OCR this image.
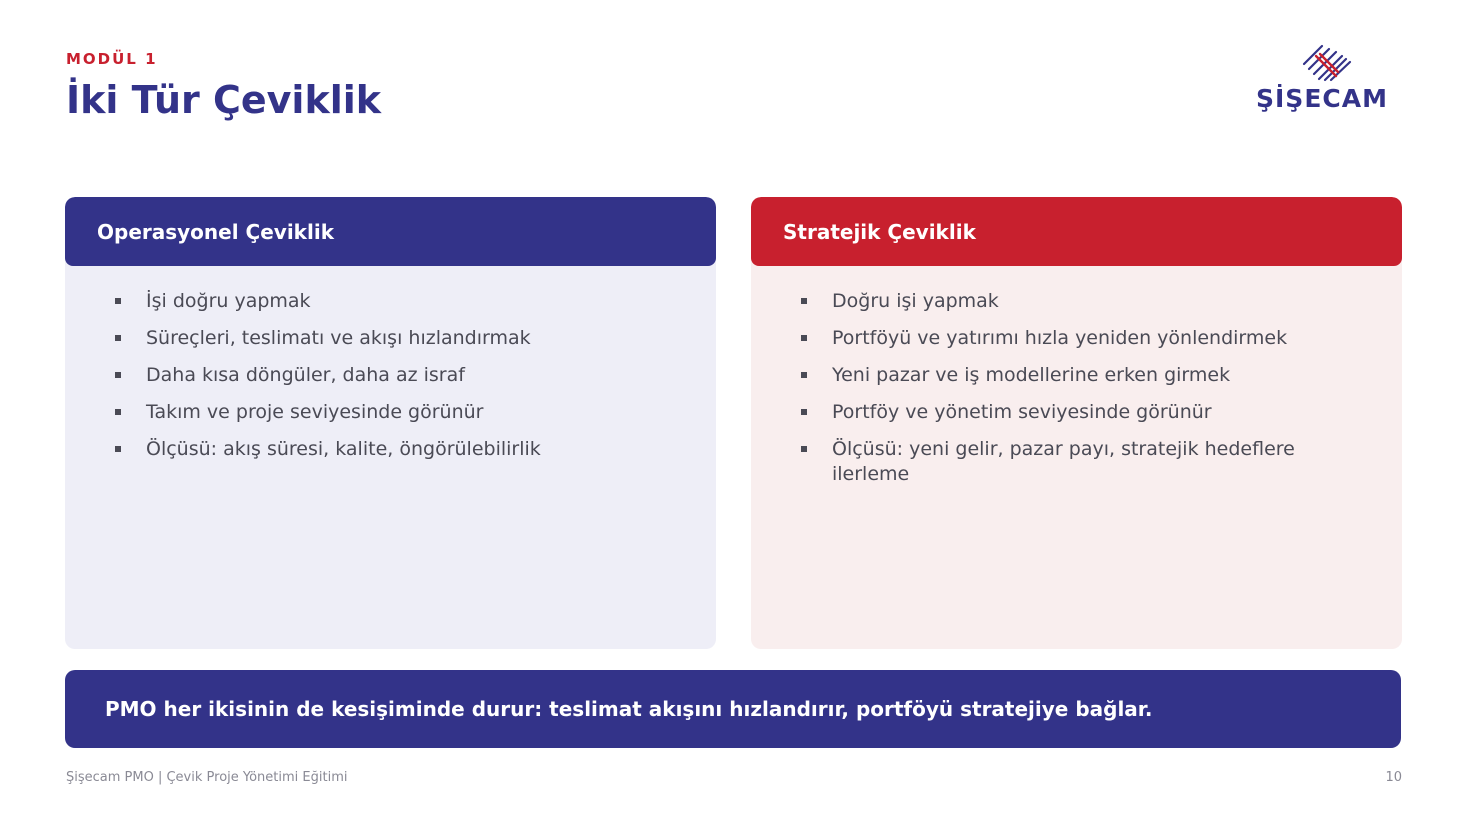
MODÜL 1
İki Tür Çeviklik	ŞİŞECAM
Operasyonel Çeviklik
İşi doğru yapmak
Süreçleri, teslimatı ve akışı hızlandırmak
Daha kısa döngüler, daha az israf
Takım ve proje seviyesinde görünür
Ölçüsü: akış süresi, kalite, öngörülebilirlik
Stratejik Çeviklik
Doğru işi yapmak
Portföyü ve yatırımı hızla yeniden yönlendirmek
Yeni pazar ve iş modellerine erken girmek
Portföy ve yönetim seviyesinde görünür
Ölçüsü: yeni gelir, pazar payı, stratejik hedeflere ilerleme
PMO her ikisinin de kesişiminde durur: teslimat akışını hızlandırır, portföyü stratejiye bağlar.
Şişecam PMO | Çevik Proje Yönetimi Eğitimi	10
